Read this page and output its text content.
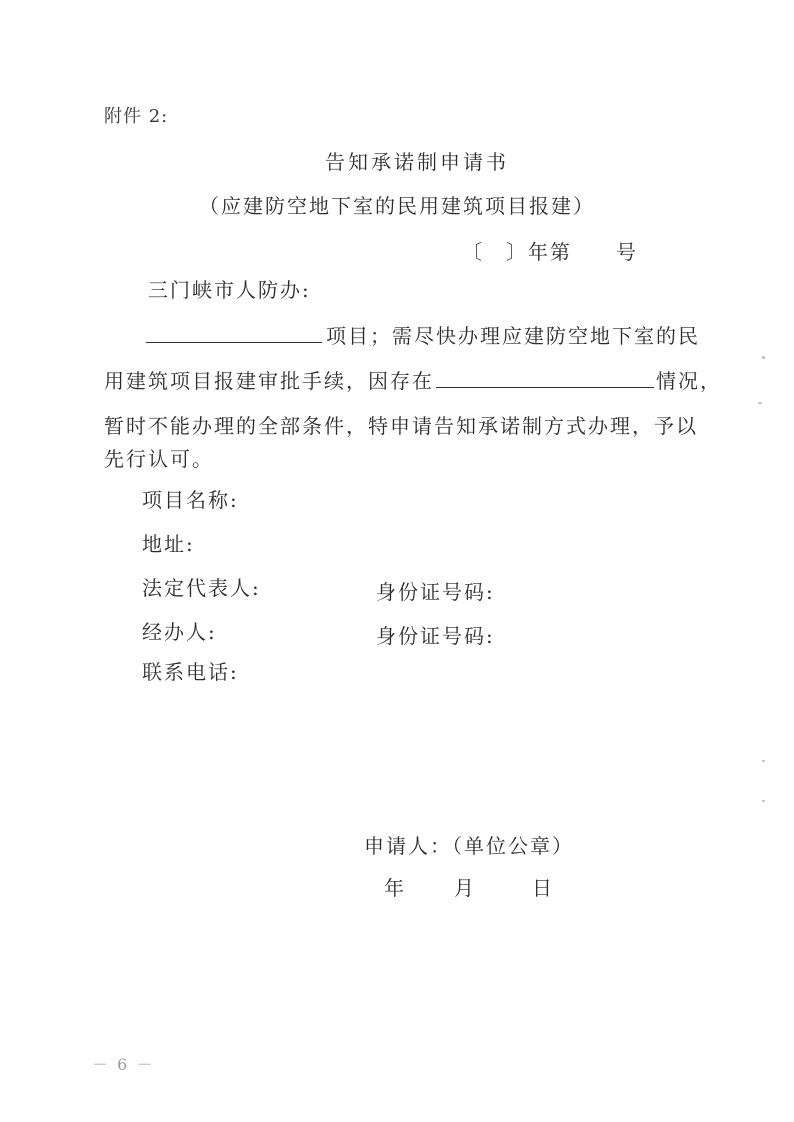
附件 2:
告知承诺制申请书
（应建防空地下室的民用建筑项目报建）
〔　〕年第　　号
三门峡市人防办:
项目；需尽快办理应建防空地下室的民
用建筑项目报建审批手续，因存在	情况，
暂时不能办理的全部条件，特申请告知承诺制方式办理，予以
先行认可。
项目名称:
地址:
法定代表人:	身份证号码:
经办人:	身份证号码:
联系电话:
申请人：（单位公章）
年	月	日
－ 6 －
